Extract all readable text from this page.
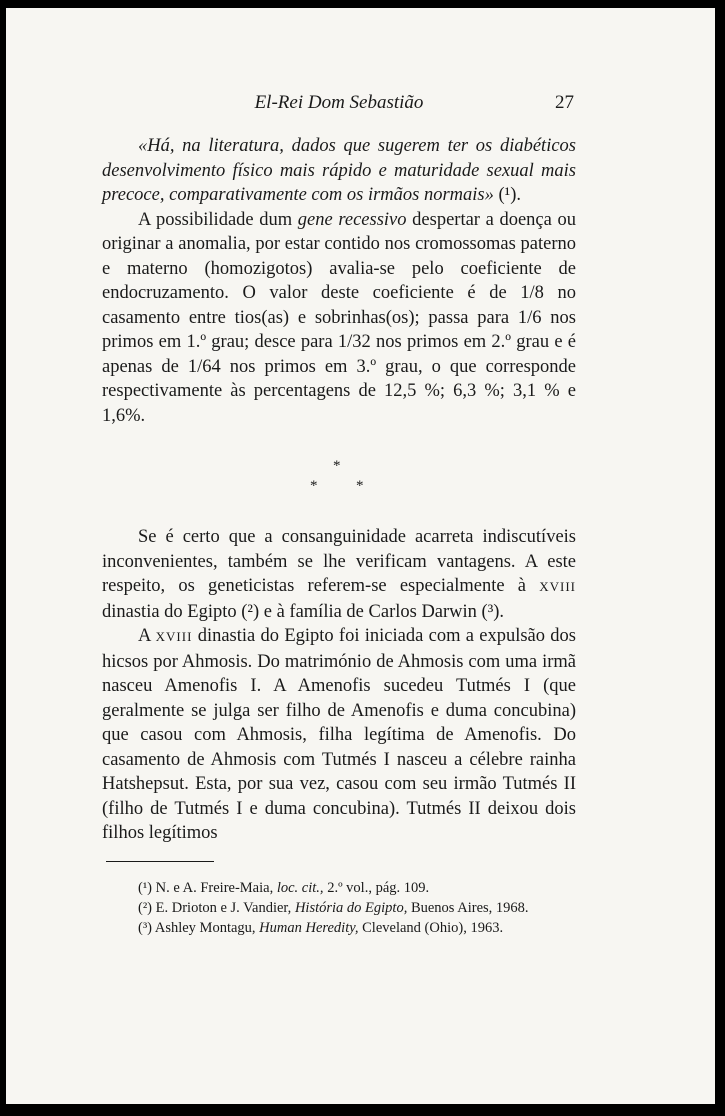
El-Rei Dom Sebastião	27

«Há, na literatura, dados que sugerem ter os diabéticos desenvolvimento físico mais rápido e maturidade sexual mais precoce, comparativamente com os irmãos normais» (¹).

A possibilidade dum gene recessivo despertar a doença ou originar a anomalia, por estar contido nos cromossomas paterno e materno (homozigotos) avalia-se pelo coeficiente de endocruzamento. O valor deste coeficiente é de 1/8 no casamento entre tios(as) e sobrinhas(os); passa para 1/6 nos primos em 1.º grau; desce para 1/32 nos primos em 2.º grau e é apenas de 1/64 nos primos em 3.º grau, o que corresponde respectivamente às percentagens de 12,5 %; 6,3 %; 3,1 % e 1,6%.

*
*	*

Se é certo que a consanguinidade acarreta indiscutíveis inconvenientes, também se lhe verificam vantagens. A este respeito, os geneticistas referem-se especialmente à XVIII dinastia do Egipto (²) e à família de Carlos Darwin (³).

A XVIII dinastia do Egipto foi iniciada com a expulsão dos hicsos por Ahmosis. Do matrimónio de Ahmosis com uma irmã nasceu Amenofis I. A Amenofis sucedeu Tutmés I (que geralmente se julga ser filho de Amenofis e duma concubina) que casou com Ahmosis, filha legítima de Amenofis. Do casamento de Ahmosis com Tutmés I nasceu a célebre rainha Hatshepsut. Esta, por sua vez, casou com seu irmão Tutmés II (filho de Tutmés I e duma concubina). Tutmés II deixou dois filhos legítimos

(¹) N. e A. Freire-Maia, loc. cit., 2.º vol., pág. 109.

(²) E. Drioton e J. Vandier, História do Egipto, Buenos Aires, 1968.

(³) Ashley Montagu, Human Heredity, Cleveland (Ohio), 1963.
